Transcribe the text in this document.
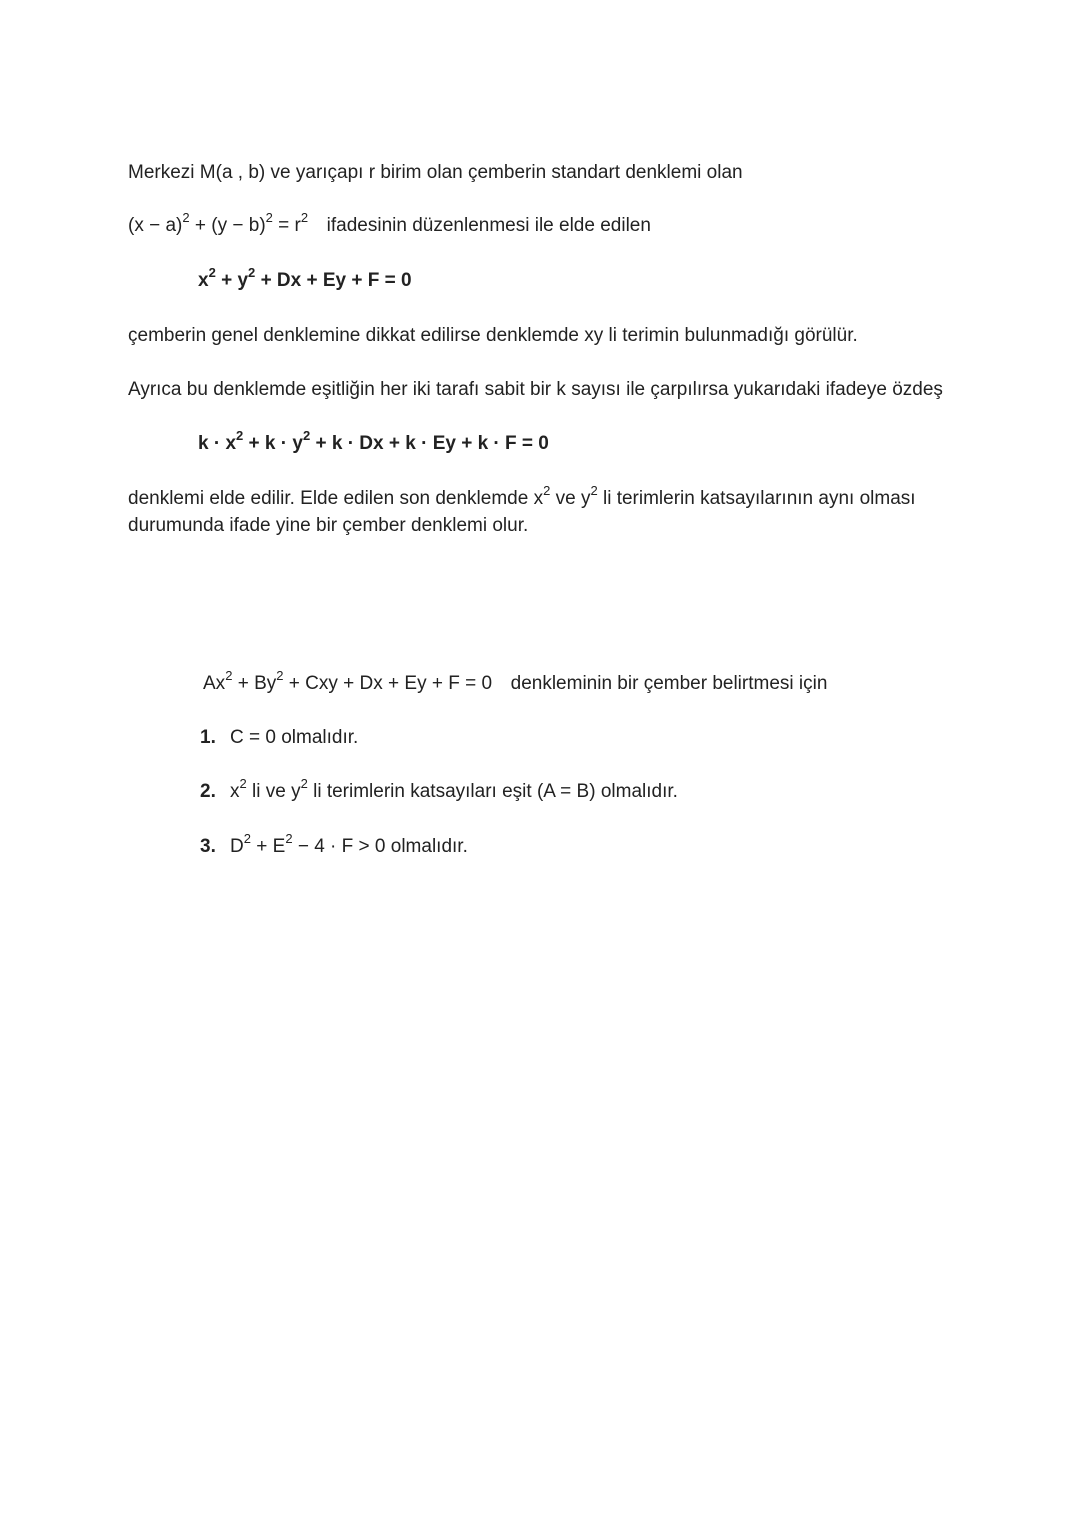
Merkezi M(a , b) ve yarıçapı r birim olan çemberin standart denklemi olan
$(x - a)^2 + (y - b)^2 = r^2$ ifadesinin düzenlenmesi ile elde edilen
$x^2 + y^2 + Dx + Ey + F = 0$
çemberin genel denklemine dikkat edilirse denklemde xy li terimin bulunmadığı görülür.
Ayrıca bu denklemde eşitliğin her iki tarafı sabit bir k sayısı ile çarpılırsa yukarıdaki ifadeye özdeş
$k \cdot x^2 + k \cdot y^2 + k \cdot Dx + k \cdot Ey + k \cdot F = 0$
denklemi elde edilir. Elde edilen son denklemde $x^2$ ve $y^2$ li terimlerin katsayılarının aynı olması
durumunda ifade yine bir çember denklemi olur.
$Ax^2 + By^2$ + Cxy + Dx + Ey + F = 0 denkleminin bir çember belirtmesi için
1. C = 0 olmalıdır.
2. $x^2$ li ve $y^2$ li terimlerin katsayıları eşit (A = B) olmalıdır.
3. $D^2 + E^2 - 4 \cdot F > 0$ olmalıdır.
